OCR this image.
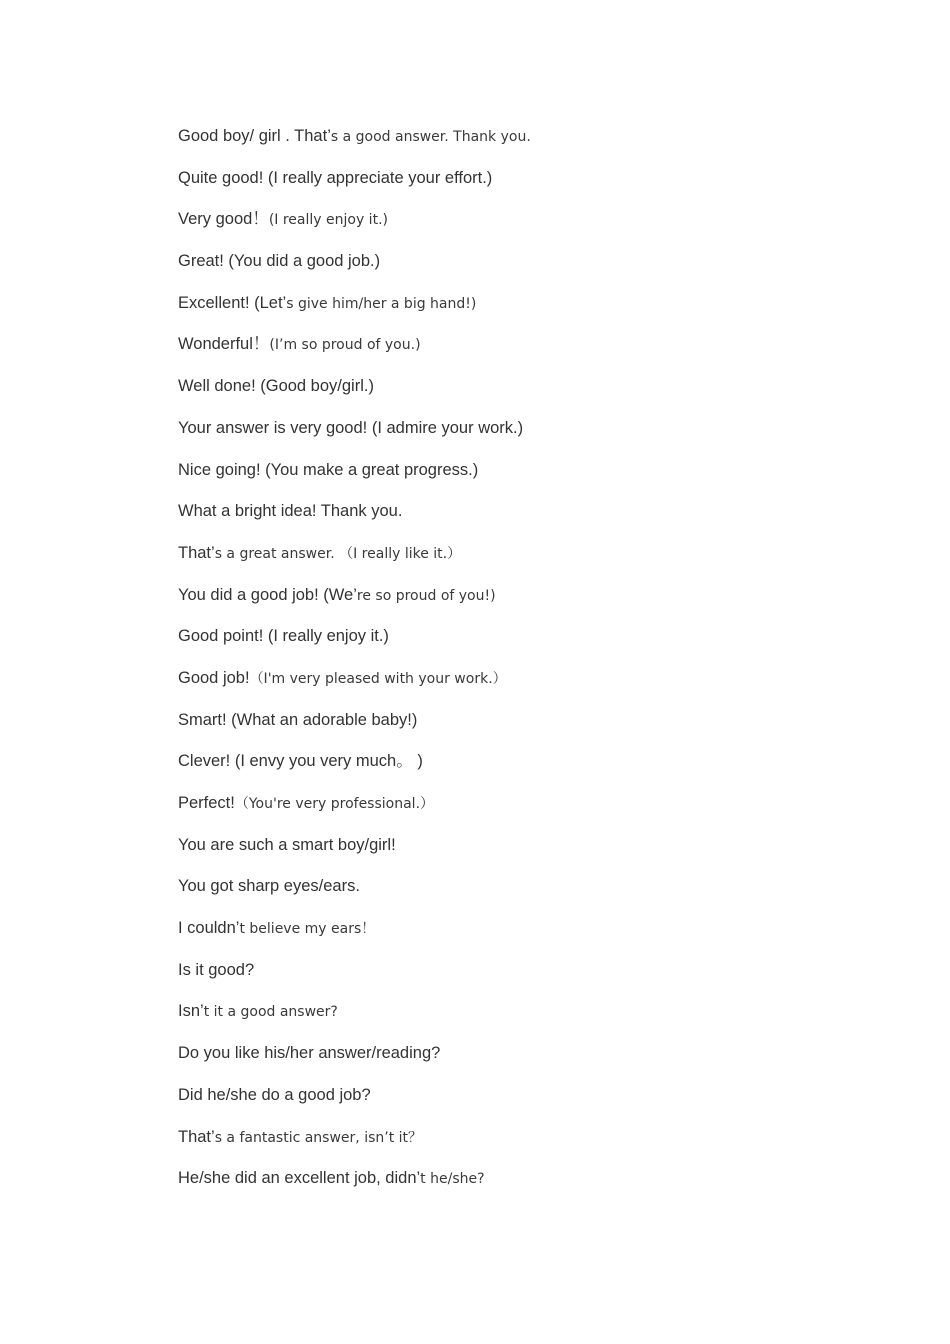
Good boy/ girl . That’s a good answer. Thank you.
Quite good! (I really appreciate your effort.)
Very good！(I really enjoy it.)
Great! (You did a good job.)
Excellent! (Let’s give him/her a big hand!)
Wonderful！(I’m so proud of you.)
Well done! (Good boy/girl.)
Your answer is very good! (I admire your work.)
Nice going! (You make a great progress.)
What a bright idea! Thank you.
That’s a great answer. （I really like it.）
You did a good job! (We’re so proud of you!)
Good point! (I really enjoy it.)
Good job!（I'm very pleased with your work.）
Smart! (What an adorable baby!)
Clever! (I envy you very much。 )
Perfect!（You're very professional.）
You are such a smart boy/girl!
You got sharp eyes/ears.
I couldn’t believe my ears！
Is it good?
Isn’t it a good answer?
Do you like his/her answer/reading?
Did he/she do a good job?
That’s a fantastic answer, isn’t it？
He/she did an excellent job, didn’t he/she?
